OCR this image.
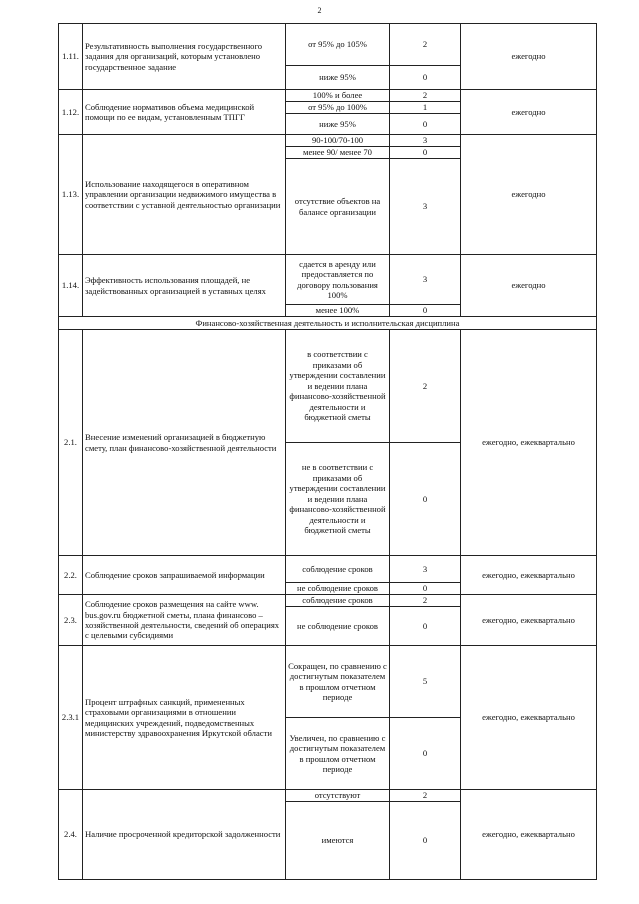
2
1.11.	Результативность выполнения государственного задания для организаций, которым установлено государственное задание	от 95% до 105%	2	ежегодно
		ниже 95%	0	
1.12.	Соблюдение нормативов объема медицинской помощи по ее видам, установленным ТПГГ	100% и более	2	ежегодно
		от 95% до 100%	1	
		ниже 95%	0	
1.13.	Использование находящегося в оперативном управлении организации недвижимого имущества в соответствии с уставной деятельностью организации	90-100/70-100	3	ежегодно
		менее 90/ менее 70	0	
		отсутствие объектов на балансе организации	3	
1.14.	Эффективность использования площадей, не задействованных организацией в уставных целях	сдается в аренду или предоставляется по договору пользования 100%	3	ежегодно
		менее 100%	0	
Финансово-хозяйственная деятельность и исполнительская дисциплина				
2.1.	Внесение изменений организацией в бюджетную смету, план финансово-хозяйственной деятельности	в соответствии с приказами об утверждении составлении и ведении плана финансово-хозяйственной деятельности и бюджетной сметы	2	ежегодно, ежеквартально
		не в соответствии с приказами об утверждении составлении и ведении плана финансово-хозяйственной деятельности и бюджетной сметы	0	
2.2.	Соблюдение сроков запрашиваемой информации	соблюдение сроков	3	ежегодно, ежеквартально
		не соблюдение сроков	0	
2.3.	Соблюдение сроков размещения на сайте www. bus.gov.ru бюджетной сметы, плана финансово – хозяйственной деятельности, сведений об операциях с целевыми субсидиями	соблюдение сроков	2	ежегодно, ежеквартально
		не соблюдение сроков	0	
2.3.1	Процент штрафных санкций, примененных страховыми организациями в отношении медицинских учреждений, подведомственных министерству здравоохранения Иркутской области	Сокращен, по сравнению с достигнутым показателем в прошлом отчетном периоде	5	ежегодно, ежеквартально
		Увеличен, по сравнению с достигнутым показателем в прошлом отчетном периоде	0	
2.4.	Наличие просроченной кредиторской задолженности	отсутствуют	2	ежегодно, ежеквартально
		имеются	0	
